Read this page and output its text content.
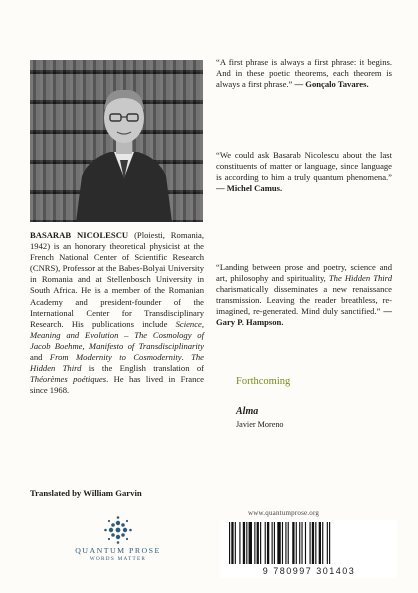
BASARAB NICOLESCU (Ploiesti, Romania, 1942) is an honorary theoretical physicist at the French National Center of Scientific Research (CNRS), Professor at the Babes-Bolyai University in Romania and at Stellenbosch University in South Africa. He is a member of the Romanian Academy and president-founder of the International Center for Transdisciplinary Research. His publications include Science, Meaning and Evolution – The Cosmology of Jacob Boehme, Manifesto of Transdisciplinarity and From Modernity to Cosmodernity. The Hidden Third is the English translation of Théorèmes poétiques. He has lived in France since 1968.
Translated by William Garvin
QUANTUM PROSE
WORDS MATTER
“A first phrase is always a first phrase: it begins. And in these poetic theorems, each theorem is always a first phrase.” — Gonçalo Tavares.
“We could ask Basarab Nicolescu about the last constituents of matter or language, since language is according to him a truly quantum phenomena.” — Michel Camus.
“Landing between prose and poetry, science and art, philosophy and spirituality, The Hidden Third charismatically disseminates a new renaissance transmission. Leaving the reader breathless, re-imagined, re-generated. Mind duly sanctified.” — Gary P. Hampson.
Forthcoming
Alma
Javier Moreno
www.quantumprose.org
9 780997 301403
